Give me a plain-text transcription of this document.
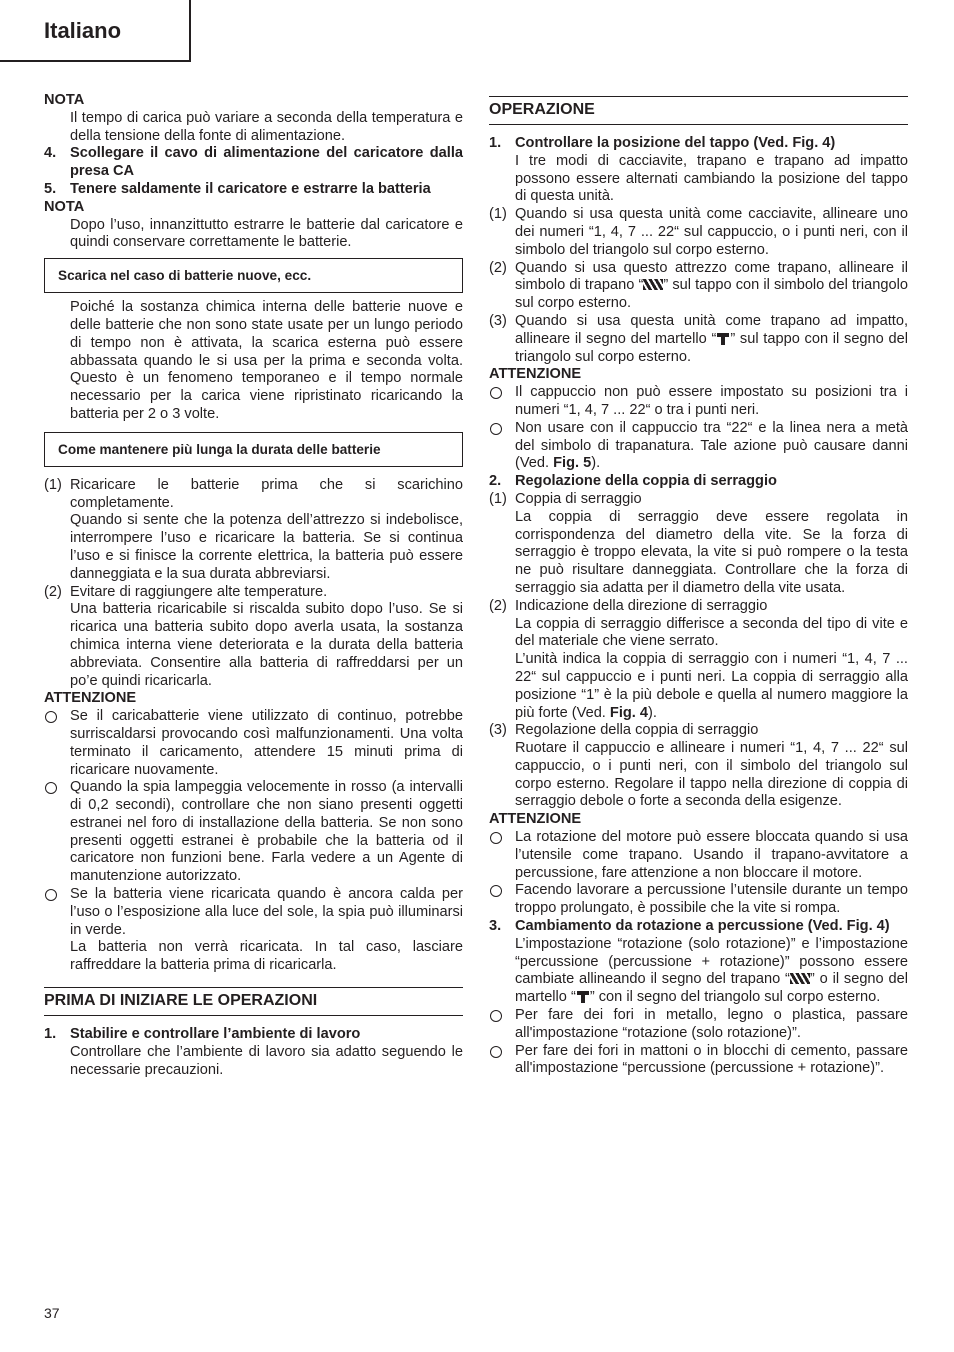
Italiano
NOTA
Il tempo di carica può variare a seconda della temperatura e della tensione della fonte di alimentazione.
4. Scollegare il cavo di alimentazione del caricatore dalla presa CA
5. Tenere saldamente il caricatore e estrarre la batteria
NOTA
Dopo l’uso, innanzittutto estrarre le batterie dal caricatore e quindi conservare correttamente le batterie.
Scarica nel caso di batterie nuove, ecc.
Poiché la sostanza chimica interna delle batterie nuove e delle batterie che non sono state usate per un lungo periodo di tempo non è attivata, la scarica esterna può essere abbassata quando le si usa per la prima e seconda volta. Questo è un fenomeno temporaneo e il tempo normale necessario per la carica viene ripristinato ricaricando la batteria per 2 o 3 volte.
Come mantenere più lunga la durata delle batterie
(1) Ricaricare le batterie prima che si scarichino completamente.
Quando si sente che la potenza dell’attrezzo si indebolisce, interrompere l’uso e ricaricare la batteria. Se si continua l’uso e si finisce la corrente elettrica, la batteria può essere danneggiata e la sua durata abbreviarsi.
(2) Evitare di raggiungere alte temperature.
Una batteria ricaricabile si riscalda subito dopo l’uso. Se si ricarica una batteria subito dopo averla usata, la sostanza chimica interna viene deteriorata e la durata della batteria abbreviata. Consentire alla batteria di raffreddarsi per un po’e quindi ricaricarla.
ATTENZIONE
Se il caricabatterie viene utilizzato di continuo, potrebbe surriscaldarsi provocando così malfunzionamenti. Una volta terminato il caricamento, attendere 15 minuti prima di ricaricare nuovamente.
Quando la spia lampeggia velocemente in rosso (a intervalli di 0,2 secondi), controllare che non siano presenti oggetti estranei nel foro di installazione della batteria. Se non sono presenti oggetti estranei è probabile che la batteria od il caricatore non funzioni bene. Farla vedere a un Agente di manutenzione autorizzato.
Se la batteria viene ricaricata quando è ancora calda per l’uso o l’esposizione alla luce del sole, la spia può illuminarsi in verde.
La batteria non verrà ricaricata. In tal caso, lasciare raffreddare la batteria prima di ricaricarla.
PRIMA DI INIZIARE LE OPERAZIONI
1. Stabilire e controllare l’ambiente di lavoro
Controllare che l’ambiente di lavoro sia adatto seguendo le necessarie precauzioni.
OPERAZIONE
1. Controllare la posizione del tappo (Ved. Fig. 4)
I tre modi di cacciavite, trapano e trapano ad impatto possono essere alternati cambiando la posizione del tappo di questa unità.
(1) Quando si usa questa unità come cacciavite, allineare uno dei numeri “1, 4, 7 ... 22“ sul cappuccio, o i punti neri, con il simbolo del triangolo sul corpo esterno.
(2) Quando si usa questo attrezzo come trapano, allineare il simbolo di trapano “ ” sul tappo con il simbolo del triangolo sul corpo esterno.
(3) Quando si usa questa unità come trapano ad impatto, allineare il segno del martello “ ” sul tappo con il segno del triangolo sul corpo esterno.
ATTENZIONE
Il cappuccio non può essere impostato su posizioni tra i numeri “1, 4, 7 ... 22“ o tra i punti neri.
Non usare con il cappuccio tra “22“ e la linea nera a metà del simbolo di trapanatura. Tale azione può causare danni (Ved. Fig. 5).
2. Regolazione della coppia di serraggio
(1) Coppia di serraggio
La coppia di serraggio deve essere regolata in corrispondenza del diametro della vite. Se la forza di serraggio è troppo elevata, la vite si può rompere o la testa ne può risultare danneggiata. Controllare che la forza di serraggio sia adatta per il diametro della vite usata.
(2) Indicazione della direzione di serraggio
La coppia di serraggio differisce a seconda del tipo di vite e del materiale che viene serrato.
L’unità indica la coppia di serraggio con i numeri “1, 4, 7 ... 22“ sul cappuccio e i punti neri. La coppia di serraggio alla posizione “1” è la più debole e quella al numero maggiore la più forte (Ved. Fig. 4).
(3) Regolazione della coppia di serraggio
Ruotare il cappuccio e allineare i numeri “1, 4, 7 ... 22“ sul cappuccio, o i punti neri, con il simbolo del triangolo sul corpo esterno. Regolare il tappo nella direzione di coppia di serraggio debole o forte a seconda della esigenze.
ATTENZIONE
La rotazione del motore può essere bloccata quando si usa l’utensile come trapano. Usando il trapano-avvitatore a percussione, fare attenzione a non bloccare il motore.
Facendo lavorare a percussione l’utensile durante un tempo troppo prolungato, è possibile che la vite si rompa.
3. Cambiamento da rotazione a percussione (Ved. Fig. 4)
L’impostazione “rotazione (solo rotazione)” e l’impostazione “percussione (percussione + rotazione)” possono essere cambiate allineando il segno del trapano “ ” o il segno del martello “ ” con il segno del triangolo sul corpo esterno.
Per fare dei fori in metallo, legno o plastica, passare all'impostazione “rotazione (solo rotazione)”.
Per fare dei fori in mattoni o in blocchi di cemento, passare all'impostazione “percussione (percussione + rotazione)”.
37
